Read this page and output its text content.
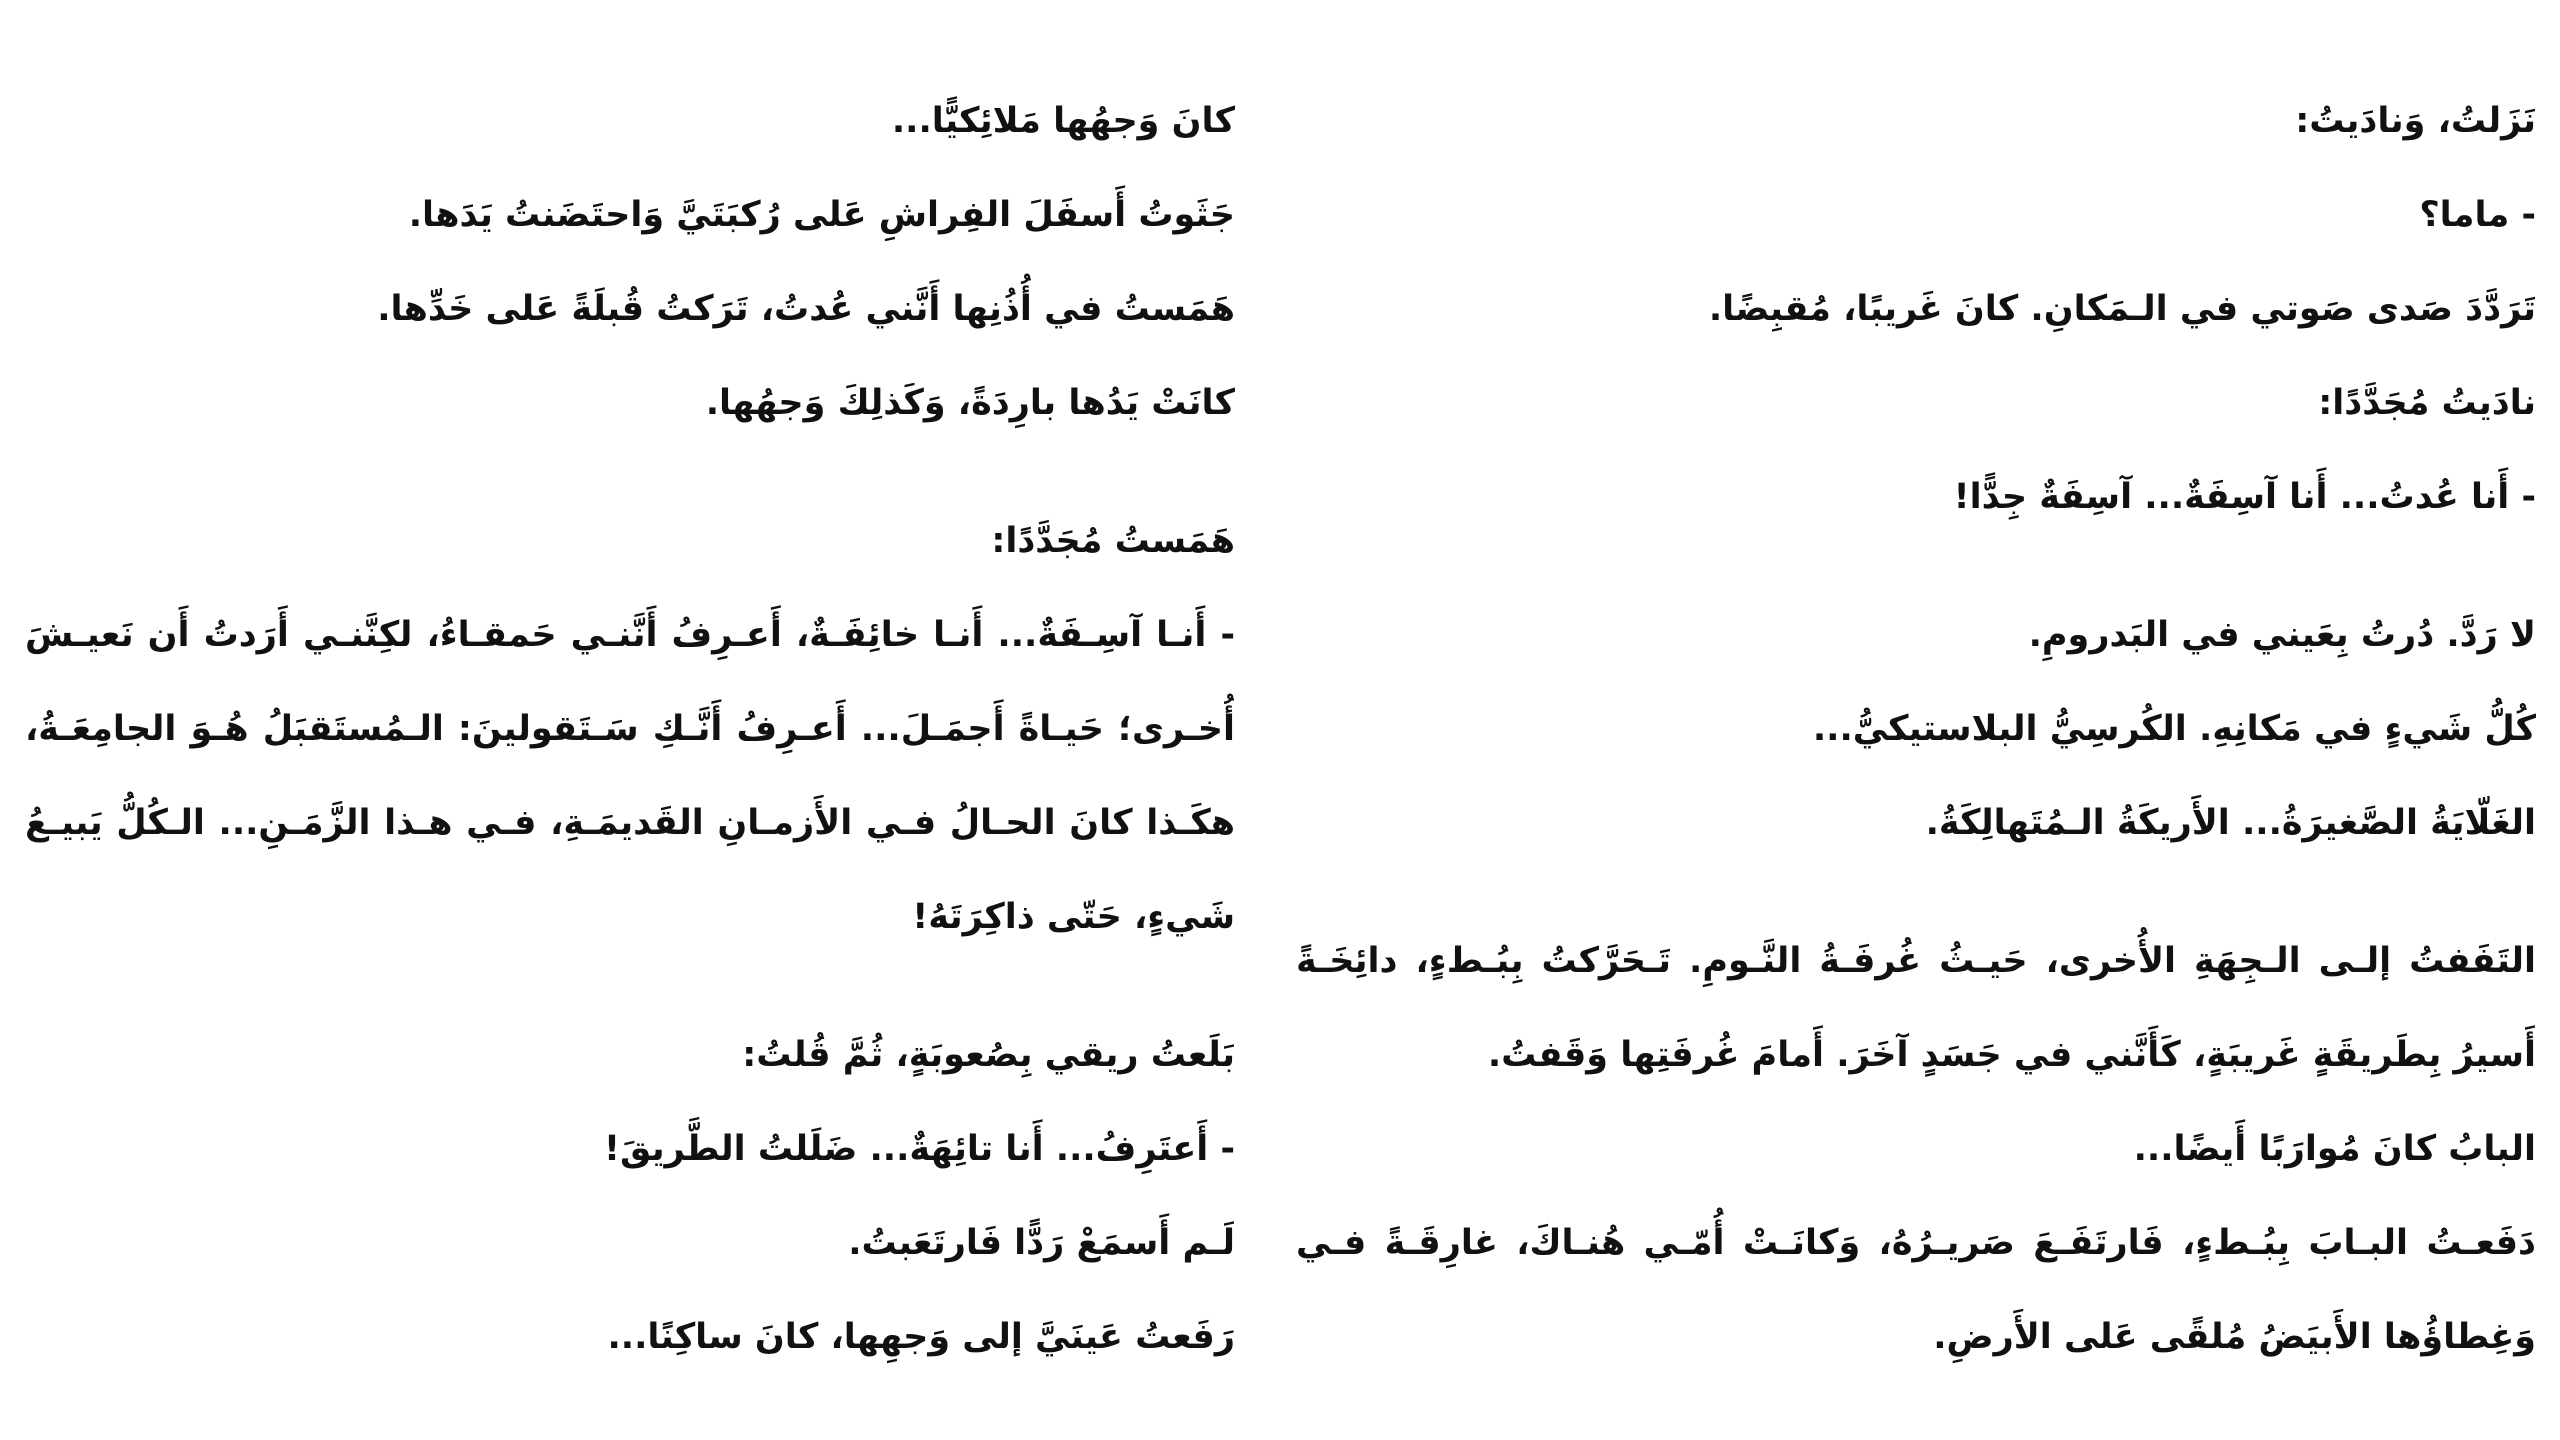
نَزَلتُ، وَنادَيتُ:
- ماما؟
تَرَدَّدَ صَدى صَوتي في الـمَكانِ. كانَ غَريبًا، مُقبِضًا.
نادَيتُ مُجَدَّدًا:
- أَنا عُدتُ... أَنا آسِفَةٌ... آسِفَةٌ جِدًّا!
لا رَدَّ. دُرتُ بِعَيني في البَدرومِ.
كُلُّ شَيءٍ في مَكانِهِ. الكُرسِيُّ البلاستيكيُّ...
الغَلّايَةُ الصَّغيرَةُ... الأَريكَةُ الـمُتَهالِكَةُ.
التَفَفتُ إلـى الـجِهَةِ الأُخرى، حَيـثُ غُرفَـةُ النَّـومِ. تَـحَرَّكتُ بِبُـطءٍ، دائِخَـةً
أَسيرُ بِطَريقَةٍ غَريبَةٍ، كَأَنَّني في جَسَدٍ آخَرَ. أَمامَ غُرفَتِها وَقَفتُ.
البابُ كانَ مُوارَبًا أَيضًا...
دَفَعـتُ البـابَ بِبُـطءٍ، فَارتَفَـعَ صَريـرُهُ، وَكانَـتْ أُمّـي هُنـاكَ، غارِقَـةً فـي
وَغِطاؤُها الأَبيَضُ مُلقًى عَلى الأَرضِ.
كانَ وَجهُها مَلائِكيًّا...
جَثَوتُ أَسفَلَ الفِراشِ عَلى رُكبَتَيَّ وَاحتَضَنتُ يَدَها.
هَمَستُ في أُذُنِها أَنَّني عُدتُ، تَرَكتُ قُبلَةً عَلى خَدِّها.
كانَتْ يَدُها بارِدَةً، وَكَذلِكَ وَجهُها.
هَمَستُ مُجَدَّدًا:
- أَنـا آسِـفَةٌ... أَنـا خائِفَـةٌ، أَعـرِفُ أَنَّنـي حَمقـاءُ، لكِنَّنـي أَرَدتُ أَن نَعيـشَ
أُخـرى؛ حَيـاةً أَجمَـلَ... أَعـرِفُ أَنَّـكِ سَـتَقولينَ: الـمُستَقبَلُ هُـوَ الجامِعَـةُ،
هكَـذا كانَ الحـالُ فـي الأَزمـانِ القَديمَـةِ، فـي هـذا الزَّمَـنِ... الـكُلُّ يَبيـعُ
شَيءٍ، حَتّى ذاكِرَتَهُ!
بَلَعتُ ريقي بِصُعوبَةٍ، ثُمَّ قُلتُ:
- أَعتَرِفُ... أَنا تائِهَةٌ... ضَلَلتُ الطَّريقَ!
لَـم أَسمَعْ رَدًّا فَارتَعَبتُ.
رَفَعتُ عَينَيَّ إلى وَجهِها، كانَ ساكِنًا...
